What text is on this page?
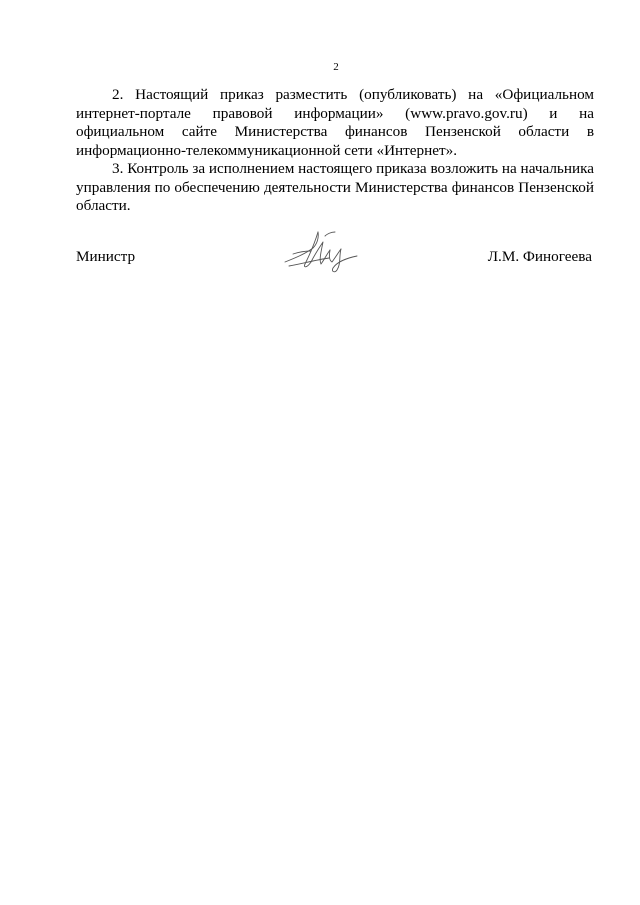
2

2. Настоящий приказ разместить (опубликовать) на «Официальном интернет-портале правовой информации» (www.pravo.gov.ru) и на официальном сайте Министерства финансов Пензенской области в информационно-телекоммуникационной сети «Интернет».

3. Контроль за исполнением настоящего приказа возложить на начальника управления по обеспечению деятельности Министерства финансов Пензенской области.

Министр	Л.М. Финогеева
